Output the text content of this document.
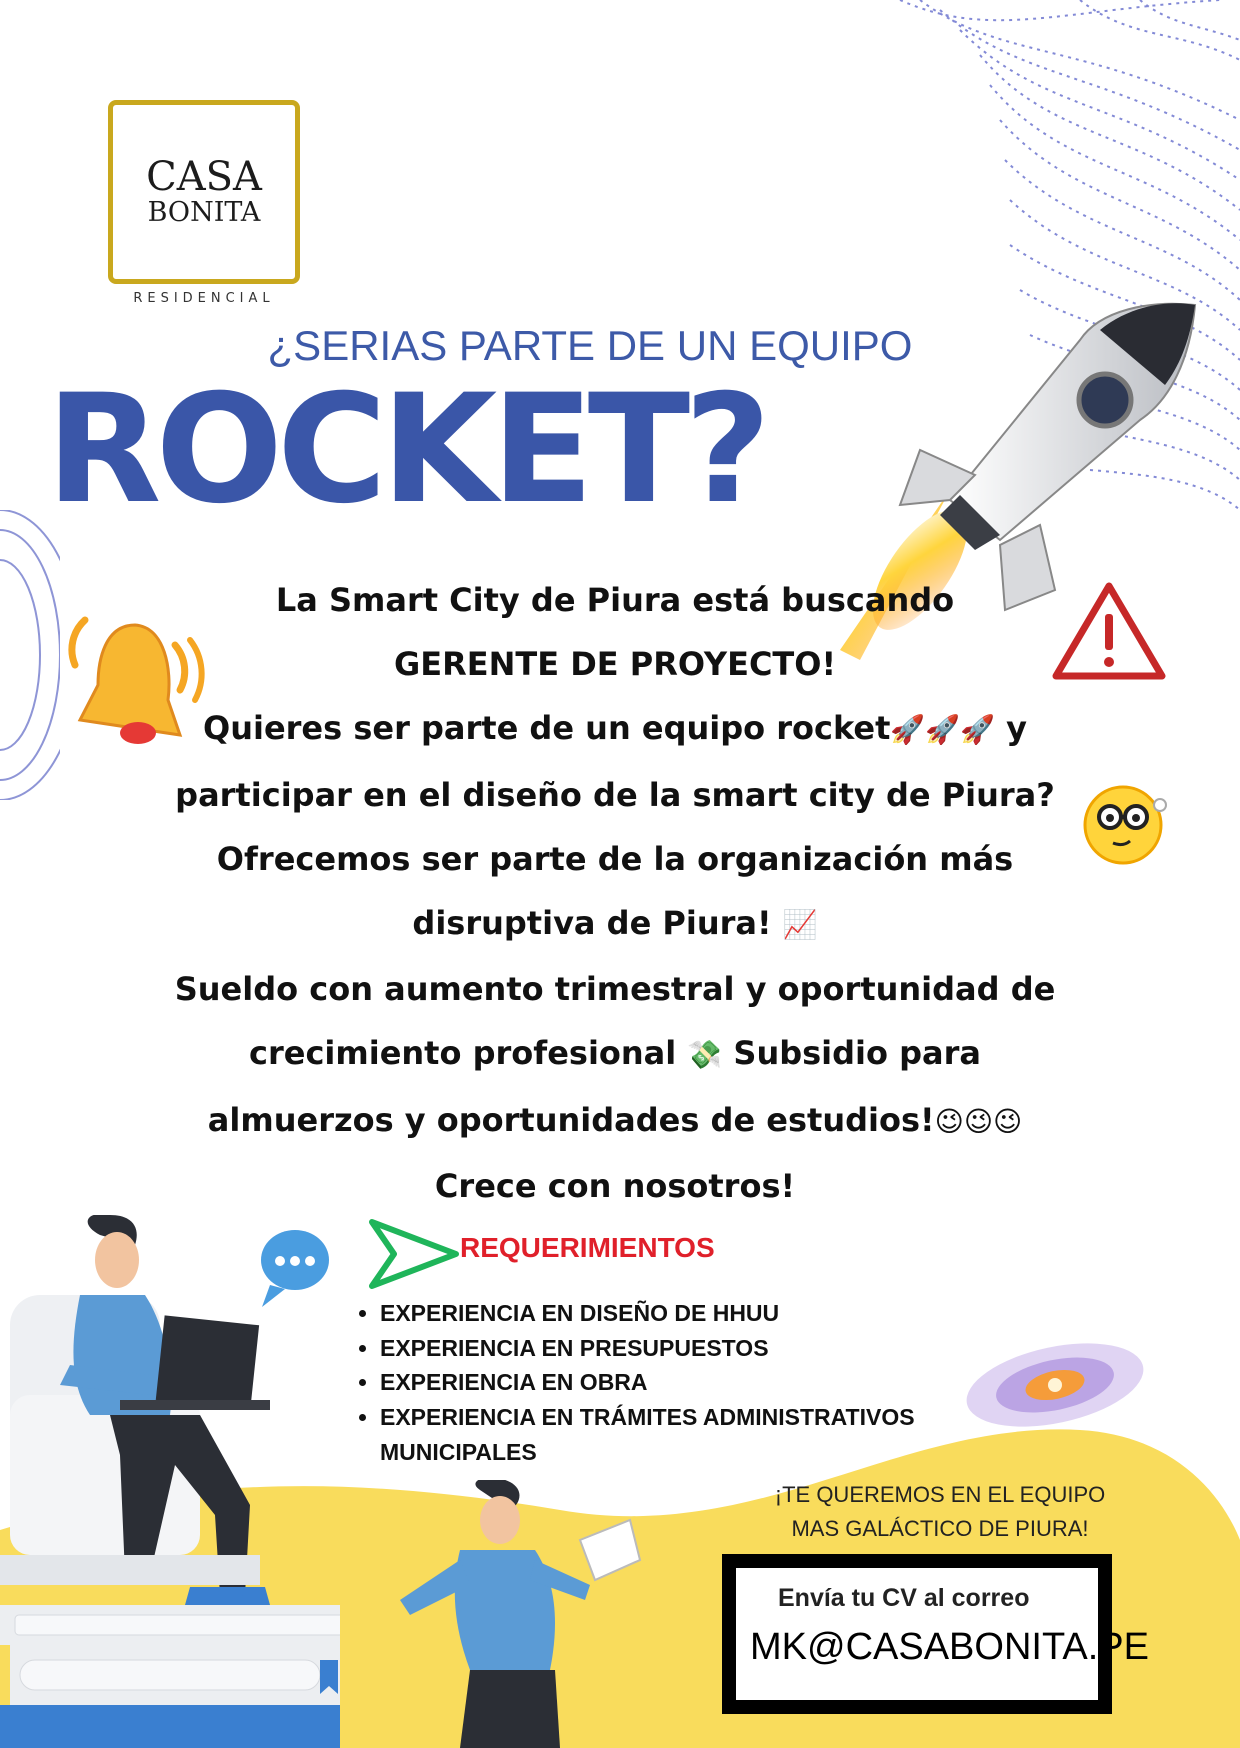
CASA
BONITA
RESIDENCIAL
¿SERIAS PARTE DE UN EQUIPO
ROCKET?

La Smart City de Piura está buscando

GERENTE DE PROYECTO!

Quieres ser parte de un equipo rocket🚀🚀🚀 y

participar en el diseño de la smart city de Piura?

Ofrecemos ser parte de la organización más

disruptiva de Piura! 📈

Sueldo con aumento trimestral y oportunidad de

crecimiento profesional 💸 Subsidio para

almuerzos y oportunidades de estudios!😉😉😉

Crece con nosotros!

REQUERIMIENTOS
• EXPERIENCIA EN DISEÑO DE HHUU
• EXPERIENCIA EN PRESUPUESTOS
• EXPERIENCIA EN OBRA
• EXPERIENCIA EN TRÁMITES ADMINISTRATIVOS MUNICIPALES
¡TE QUEREMOS EN EL EQUIPO
MAS GALÁCTICO DE PIURA!
Envía tu CV al correo
MK@CASABONITA.PE
